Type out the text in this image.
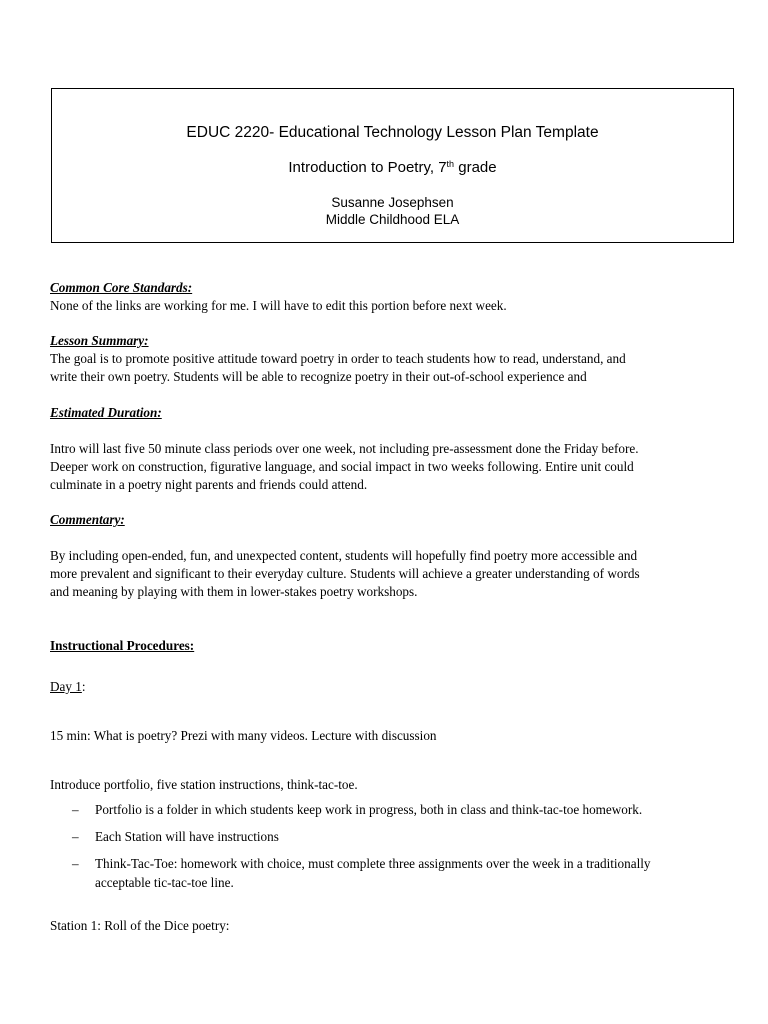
EDUC 2220- Educational Technology Lesson Plan Template
Introduction to Poetry, 7th grade
Susanne Josephsen
Middle Childhood ELA
Common Core Standards:
None of the links are working for me. I will have to edit this portion before next week.
Lesson Summary:
The goal is to promote positive attitude toward poetry in order to teach students how to read, understand, and
write their own poetry. Students will be able to recognize poetry in their out-of-school experience and
Estimated Duration:
Intro will last five 50 minute class periods over one week, not including pre-assessment done the Friday before.
Deeper work on construction, figurative language, and social impact in two weeks following. Entire unit could
culminate in a poetry night parents and friends could attend.
Commentary:
By including open-ended, fun, and unexpected content, students will hopefully find poetry more accessible and
more prevalent and significant to their everyday culture. Students will achieve a greater understanding of words
and meaning by playing with them in lower-stakes poetry workshops.
Instructional Procedures:
Day 1:
15 min: What is poetry? Prezi with many videos. Lecture with discussion
Introduce portfolio, five station instructions, think-tac-toe.
– Portfolio is a folder in which students keep work in progress, both in class and think-tac-toe homework.
– Each Station will have instructions
– Think-Tac-Toe: homework with choice, must complete three assignments over the week in a traditionally
acceptable tic-tac-toe line.
Station 1: Roll of the Dice poetry:
